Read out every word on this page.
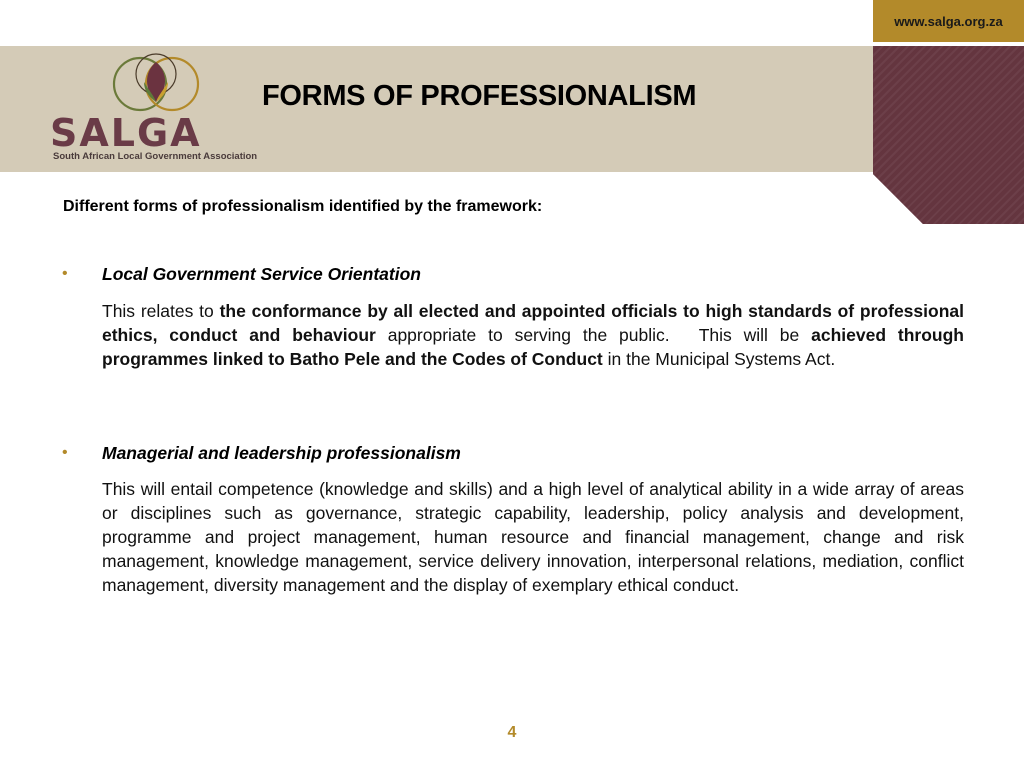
www.salga.org.za
SALGA
South African Local Government Association
FORMS OF PROFESSIONALISM
Different forms of professionalism identified by the framework:
• Local Government Service Orientation
This relates to the conformance by all elected and appointed officials to high standards of professional ethics, conduct and behaviour appropriate to serving the public.  This will be achieved through programmes linked to Batho Pele and the Codes of Conduct in the Municipal Systems Act.
• Managerial and leadership professionalism
This will entail competence (knowledge and skills) and a high level of analytical ability in a wide array of areas or disciplines such as governance, strategic capability, leadership, policy analysis and development, programme and project management, human resource and financial management, change and risk management, knowledge management, service delivery innovation, interpersonal relations, mediation, conflict management, diversity management and the display of exemplary ethical conduct.
4
